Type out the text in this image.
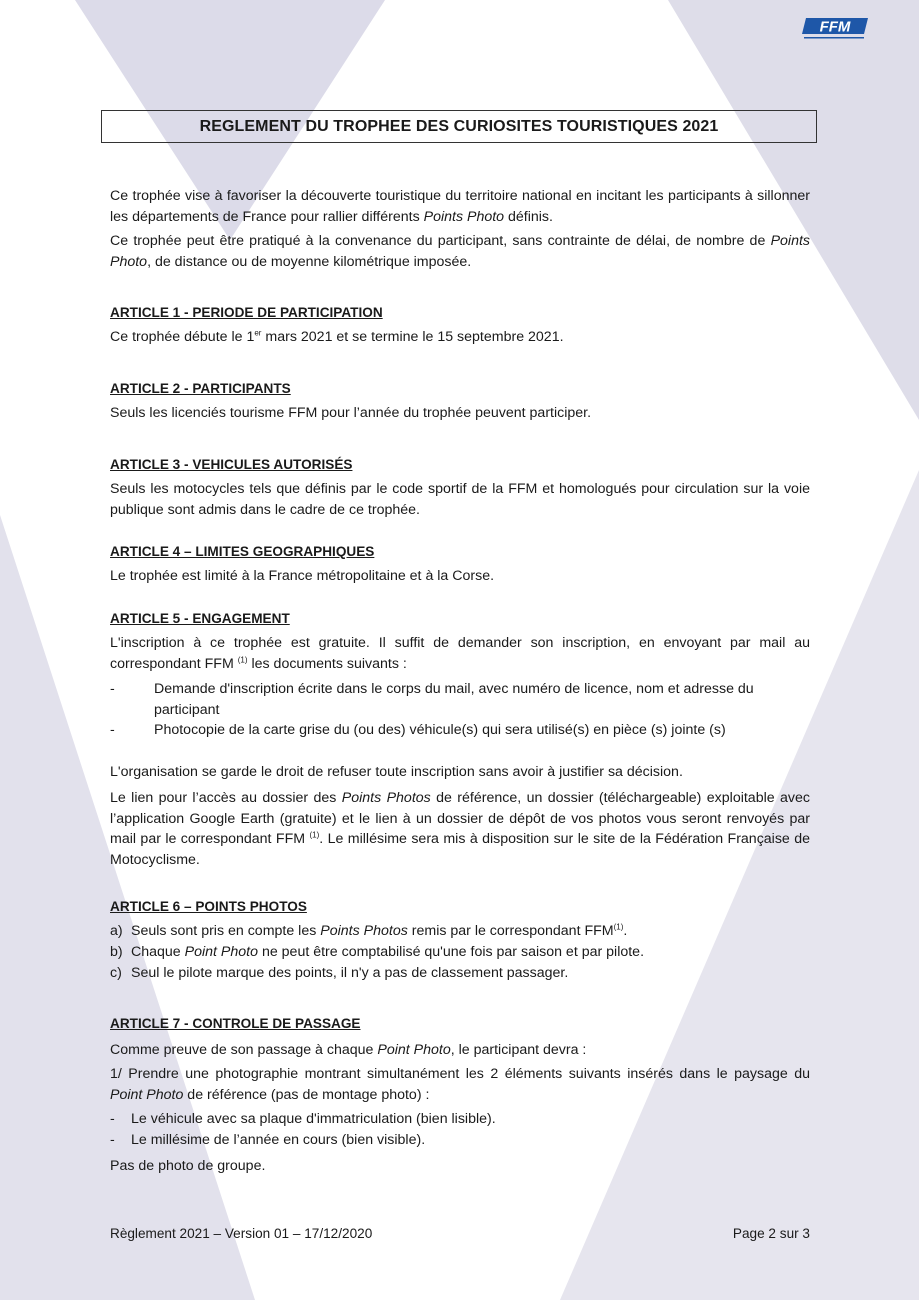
FFM
REGLEMENT DU TROPHEE DES CURIOSITES TOURISTIQUES 2021

Ce trophée vise à favoriser la découverte touristique du territoire national en incitant les participants à sillonner les départements de France pour rallier différents Points Photo définis.

Ce trophée peut être pratiqué à la convenance du participant, sans contrainte de délai, de nombre de Points Photo, de distance ou de moyenne kilométrique imposée.

ARTICLE 1 - PERIODE DE PARTICIPATION

Ce trophée débute le 1er mars 2021 et se termine le 15 septembre 2021.

ARTICLE 2 - PARTICIPANTS

Seuls les licenciés tourisme FFM pour l’année du trophée peuvent participer.

ARTICLE 3 - VEHICULES AUTORISÉS

Seuls les motocycles tels que définis par le code sportif de la FFM et homologués pour circulation sur la voie publique sont admis dans le cadre de ce trophée.

ARTICLE 4 – LIMITES GEOGRAPHIQUES

Le trophée est limité à la France métropolitaine et à la Corse.

ARTICLE 5 - ENGAGEMENT

L'inscription à ce trophée est gratuite. Il suffit de demander son inscription, en envoyant par mail au correspondant FFM $^{(1)}$ les documents suivants :

-	Demande d'inscription écrite dans le corps du mail, avec numéro de licence, nom et adresse du participant

-	Photocopie de la carte grise du (ou des) véhicule(s) qui sera utilisé(s) en pièce (s) jointe (s)

L'organisation se garde le droit de refuser toute inscription sans avoir à justifier sa décision.

Le lien pour l’accès au dossier des Points Photos de référence, un dossier (téléchargeable) exploitable avec l’application Google Earth (gratuite) et le lien à un dossier de dépôt de vos photos vous seront renvoyés par mail par le correspondant FFM $^{(1)}$. Le millésime sera mis à disposition sur le site de la Fédération Française de Motocyclisme.

ARTICLE 6 – POINTS PHOTOS

a) Seuls sont pris en compte les Points Photos remis par le correspondant FFM$^{(1)}$.
b) Chaque Point Photo ne peut être comptabilisé qu'une fois par saison et par pilote.
c) Seul le pilote marque des points, il n'y a pas de classement passager.

ARTICLE 7 - CONTROLE DE PASSAGE

Comme preuve de son passage à chaque Point Photo, le participant devra :

1/ Prendre une photographie montrant simultanément les 2 éléments suivants insérés dans le paysage du Point Photo de référence (pas de montage photo) :

- Le véhicule avec sa plaque d'immatriculation (bien lisible).
- Le millésime de l’année en cours (bien visible).

Pas de photo de groupe.

Règlement 2021 – Version 01 – 17/12/2020	Page 2 sur 3
